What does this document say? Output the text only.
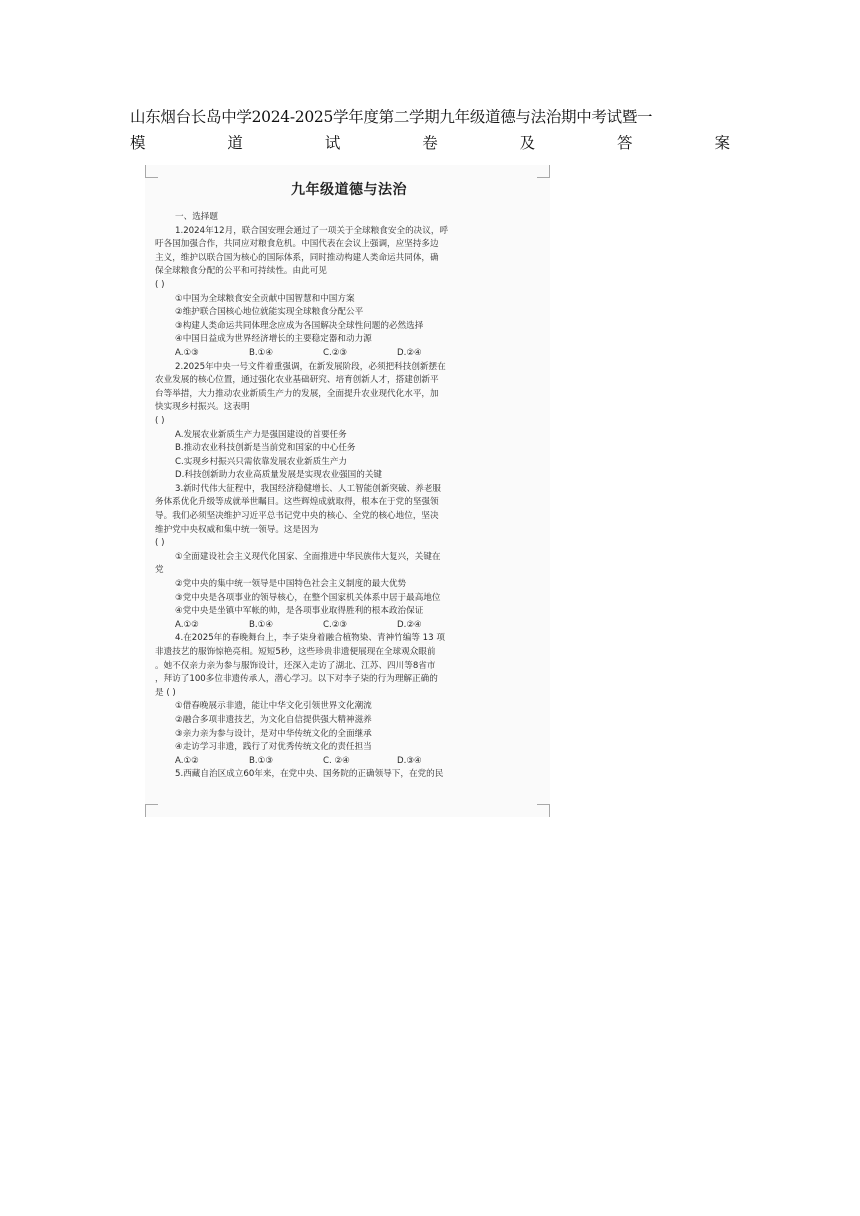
山东烟台长岛中学2024-2025学年度第二学期九年级道德与法治期中考试暨一
模	道	试	卷	及	答	案
九年级道德与法治
一、选择题
1.2024年12月，联合国安理会通过了一项关于全球粮食安全的决议，呼
吁各国加强合作，共同应对粮食危机。中国代表在会议上强调，应坚持多边
主义，维护以联合国为核心的国际体系，同时推动构建人类命运共同体，确
保全球粮食分配的公平和可持续性。由此可见
( )
①中国为全球粮食安全贡献中国智慧和中国方案
②维护联合国核心地位就能实现全球粮食分配公平
③构建人类命运共同体理念应成为各国解决全球性问题的必然选择
④中国日益成为世界经济增长的主要稳定器和动力源
A.①③	B.①④	C.②③	D.②④
2.2025年中央一号文件着重强调，在新发展阶段，必须把科技创新摆在
农业发展的核心位置，通过强化农业基础研究、培育创新人才，搭建创新平
台等举措，大力推动农业新质生产力的发展，全面提升农业现代化水平，加
快实现乡村振兴。这表明
( )
A.发展农业新质生产力是强国建设的首要任务
B.推动农业科技创新是当前党和国家的中心任务
C.实现乡村振兴只需依靠发展农业新质生产力
D.科技创新助力农业高质量发展是实现农业强国的关键
3.新时代伟大征程中，我国经济稳健增长、人工智能创新突破、养老服
务体系优化升级等成就举世瞩目。这些辉煌成就取得，根本在于党的坚强领
导。我们必须坚决维护习近平总书记党中央的核心、全党的核心地位，坚决
维护党中央权威和集中统一领导。这是因为
( )
①全面建设社会主义现代化国家、全面推进中华民族伟大复兴，关键在
党
②党中央的集中统一领导是中国特色社会主义制度的最大优势
③党中央是各项事业的领导核心，在整个国家机关体系中居于最高地位
④党中央是坐镇中军帐的帅，是各项事业取得胜利的根本政治保证
A.①②	B.①④	C.②③	D.②④
4.在2025年的春晚舞台上，李子柒身着融合植物染、青神竹编等 13 项
非遗技艺的服饰惊艳亮相。短短5秒，这些珍贵非遗便展现在全球观众眼前
。她不仅亲力亲为参与服饰设计，还深入走访了湖北、江苏、四川等8省市
，拜访了100多位非遗传承人，潜心学习。以下对李子柒的行为理解正确的
是 ( )
①借春晚展示非遗，能让中华文化引领世界文化潮流
②融合多项非遗技艺，为文化自信提供强大精神滋养
③亲力亲为参与设计，是对中华传统文化的全面继承
④走访学习非遗，践行了对优秀传统文化的责任担当
A.①②	B.①③	C. ②④	D.③④
5.西藏自治区成立60年来，在党中央、国务院的正确领导下，在党的民
